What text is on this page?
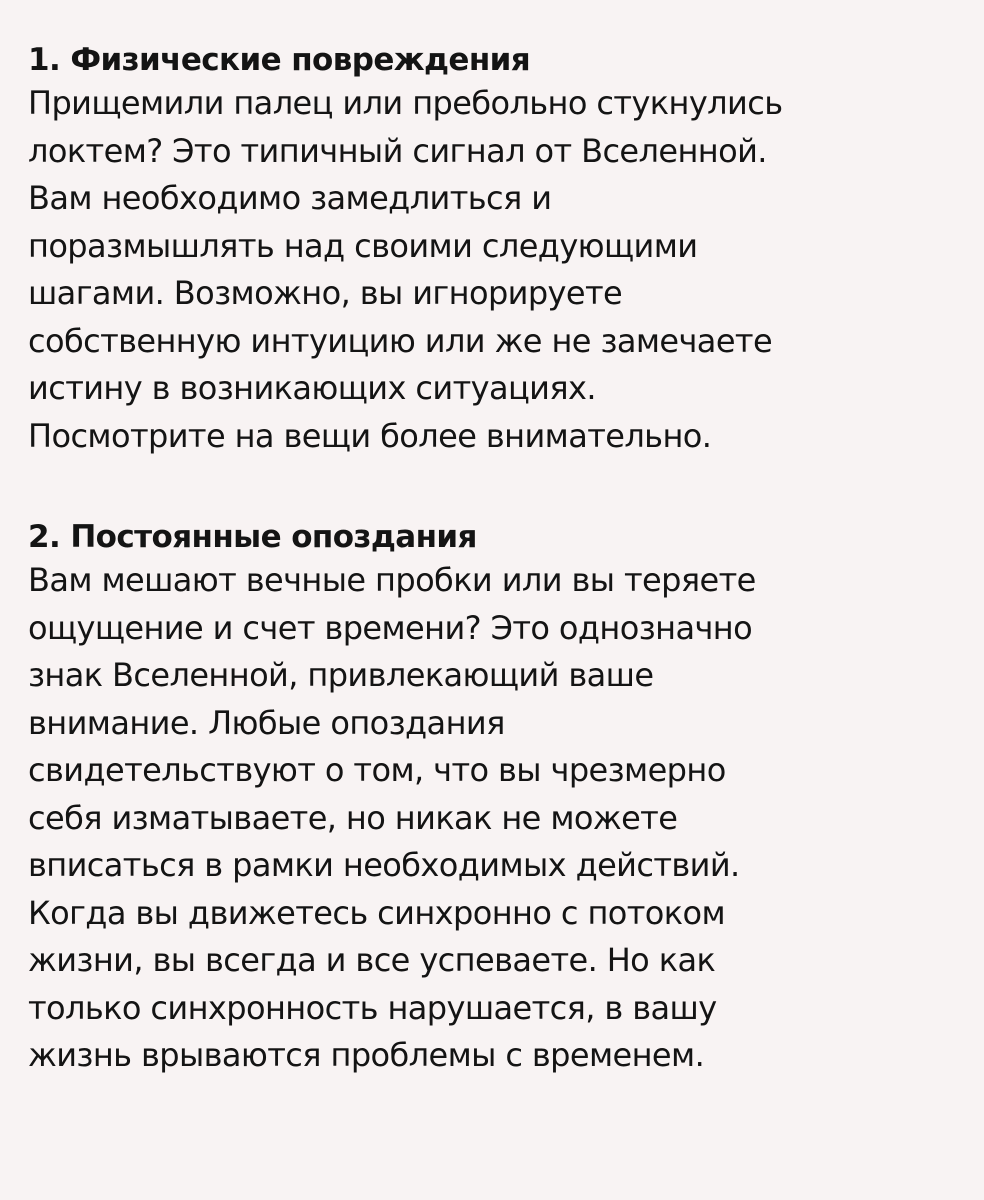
1. Физические повреждения
Прищемили палец или пребольно стукнулись
локтем? Это типичный сигнал от Вселенной.
Вам необходимо замедлиться и
поразмышлять над своими следующими
шагами. Возможно, вы игнорируете
собственную интуицию или же не замечаете
истину в возникающих ситуациях.
Посмотрите на вещи более внимательно.
2. Постоянные опоздания
Вам мешают вечные пробки или вы теряете
ощущение и счет времени? Это однозначно
знак Вселенной, привлекающий ваше
внимание. Любые опоздания
свидетельствуют о том, что вы чрезмерно
себя изматываете, но никак не можете
вписаться в рамки необходимых действий.
Когда вы движетесь синхронно с потоком
жизни, вы всегда и все успеваете. Но как
только синхронность нарушается, в вашу
жизнь врываются проблемы с временем.
